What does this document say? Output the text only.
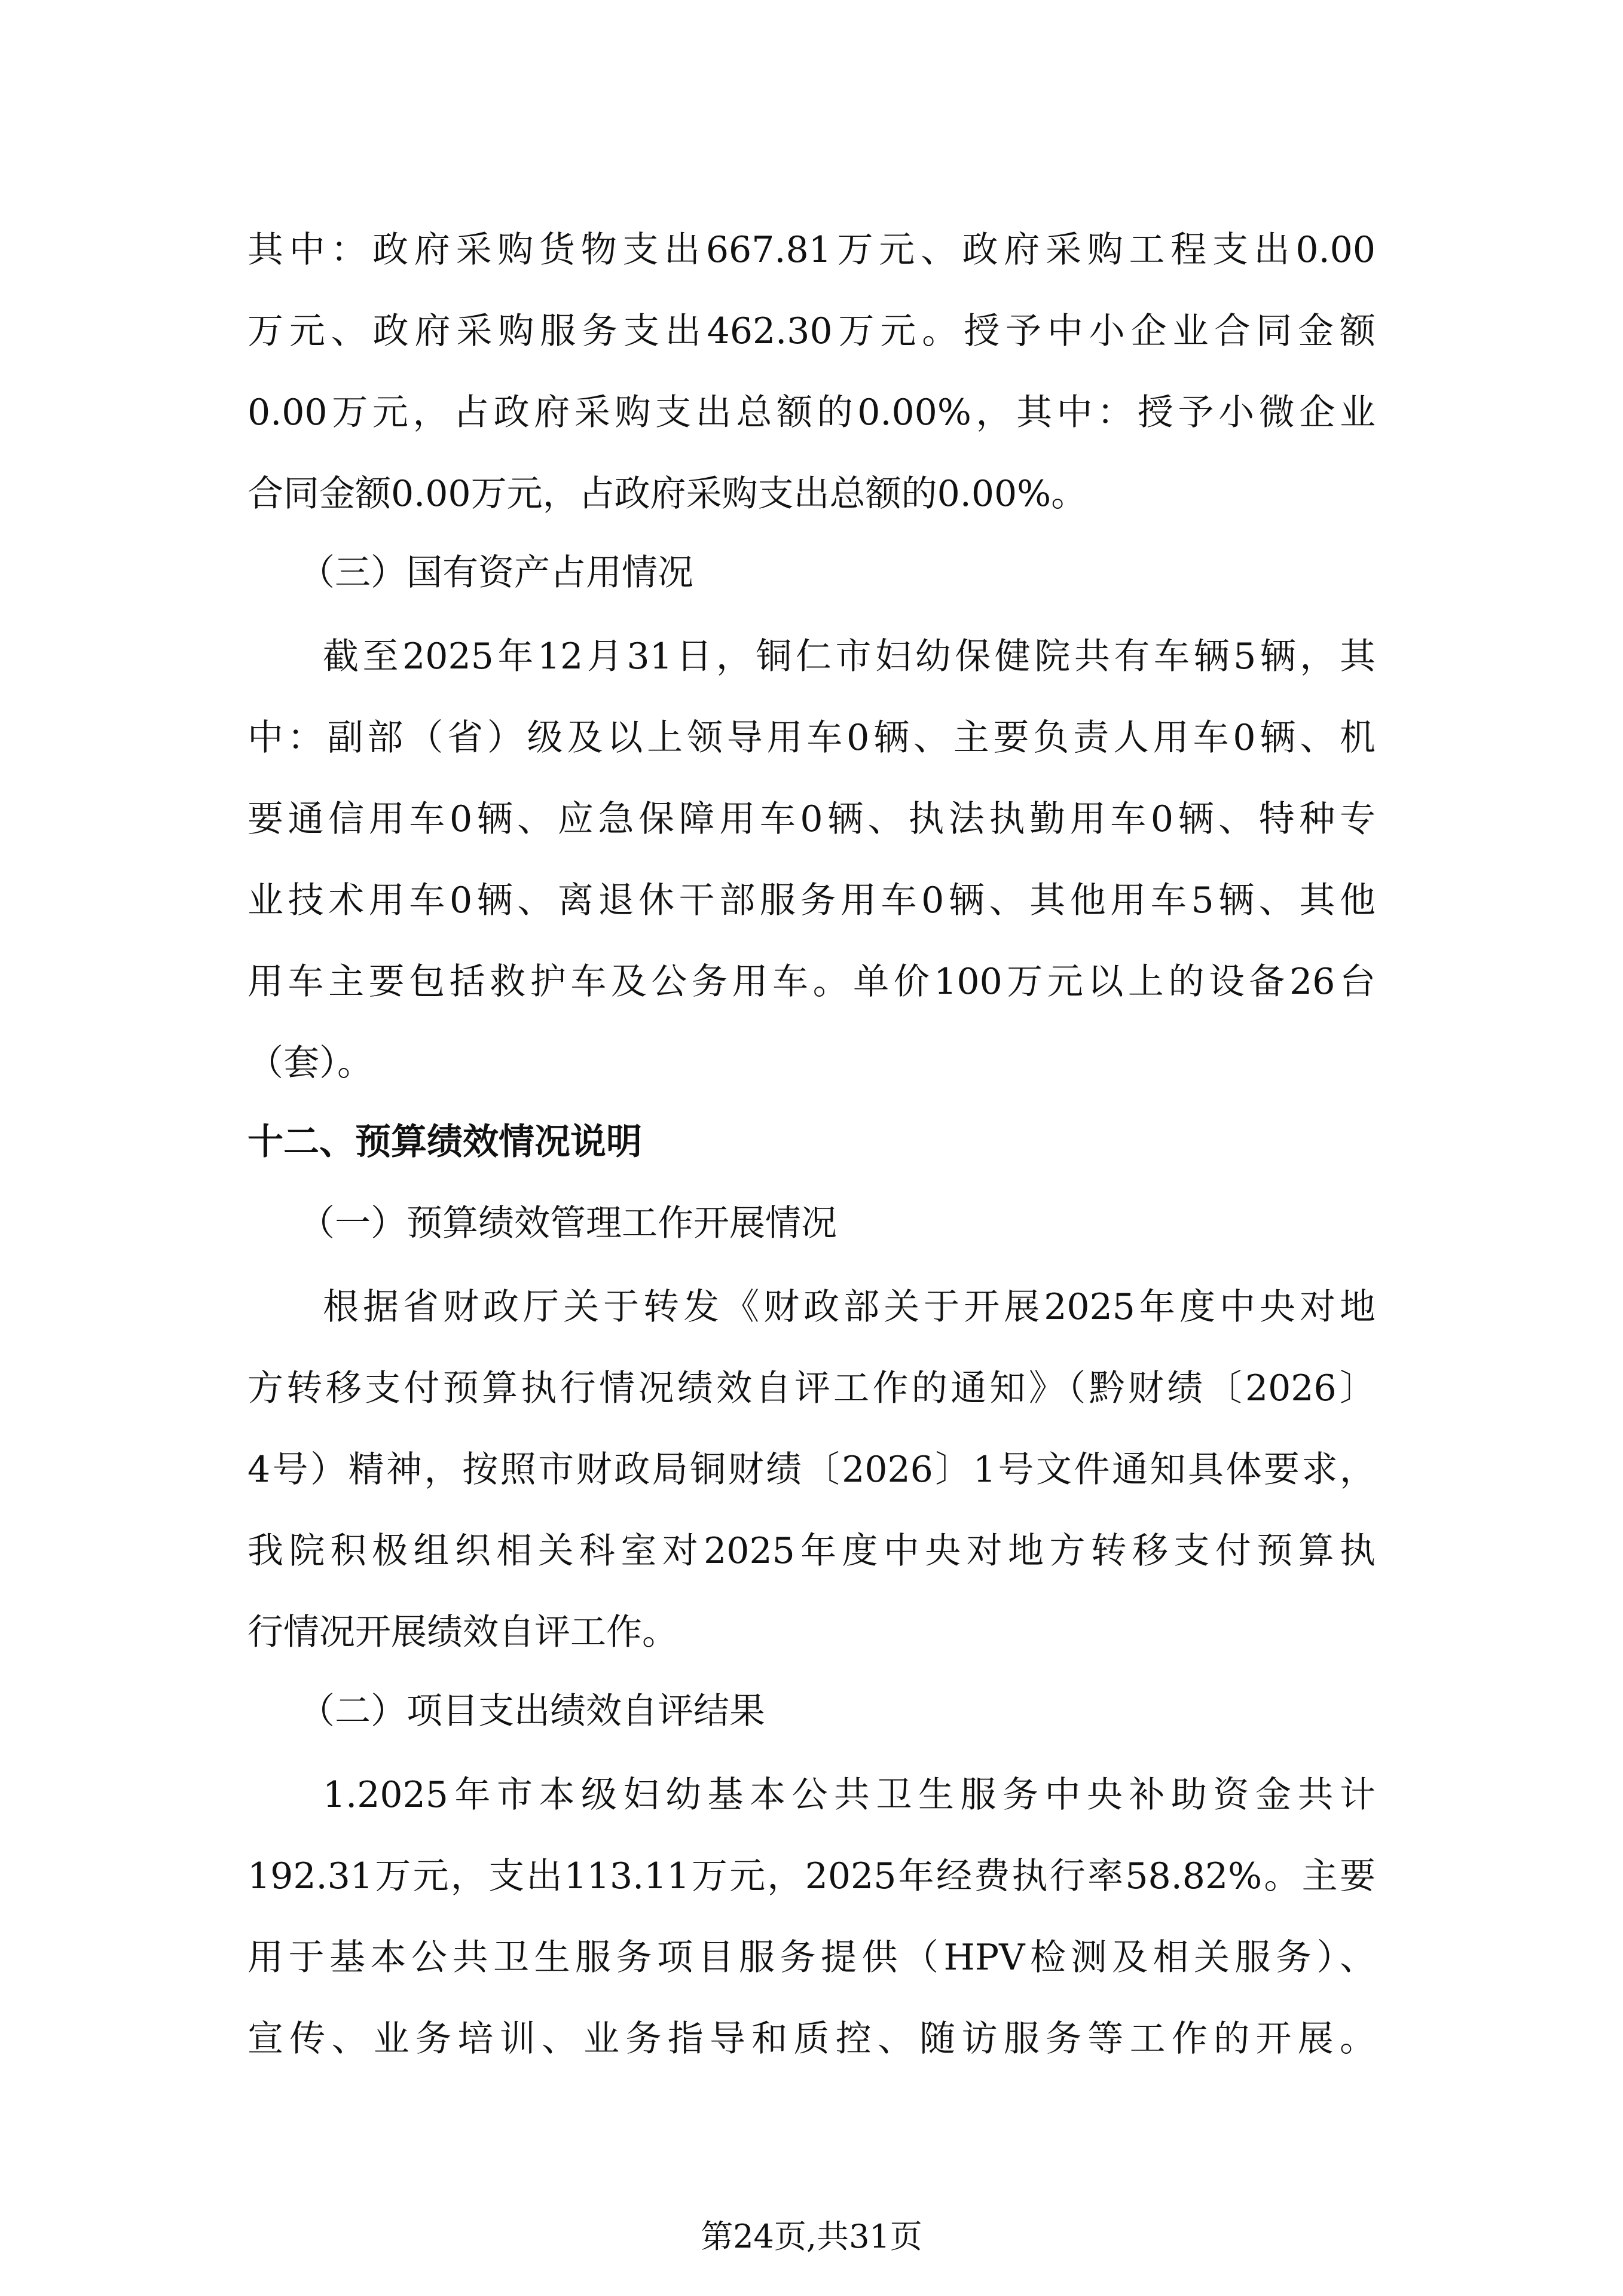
其中：政府采购货物支出667.81万元、政府采购工程支出0.00
万元、政府采购服务支出462.30万元。授予中小企业合同金额
0.00万元，占政府采购支出总额的0.00%，其中：授予小微企业
合同金额0.00万元，占政府采购支出总额的0.00%。
（三）国有资产占用情况
截至2025年12月31日，铜仁市妇幼保健院共有车辆5辆，其
中：副部（省）级及以上领导用车0辆、主要负责人用车0辆、机
要通信用车0辆、应急保障用车0辆、执法执勤用车0辆、特种专
业技术用车0辆、离退休干部服务用车0辆、其他用车5辆、其他
用车主要包括救护车及公务用车。单价100万元以上的设备26台
（套）。
十二、预算绩效情况说明
（一）预算绩效管理工作开展情况
根据省财政厅关于转发《财政部关于开展2025年度中央对地
方转移支付预算执行情况绩效自评工作的通知》（黔财绩〔2026〕
4号）精神，按照市财政局铜财绩〔2026〕1号文件通知具体要求，
我院积极组织相关科室对2025年度中央对地方转移支付预算执
行情况开展绩效自评工作。
（二）项目支出绩效自评结果
1.2025年市本级妇幼基本公共卫生服务中央补助资金共计
192.31万元，支出113.11万元，2025年经费执行率58.82%。主要
用于基本公共卫生服务项目服务提供（HPV检测及相关服务）、
宣传、业务培训、业务指导和质控、随访服务等工作的开展。
第24页,共31页
